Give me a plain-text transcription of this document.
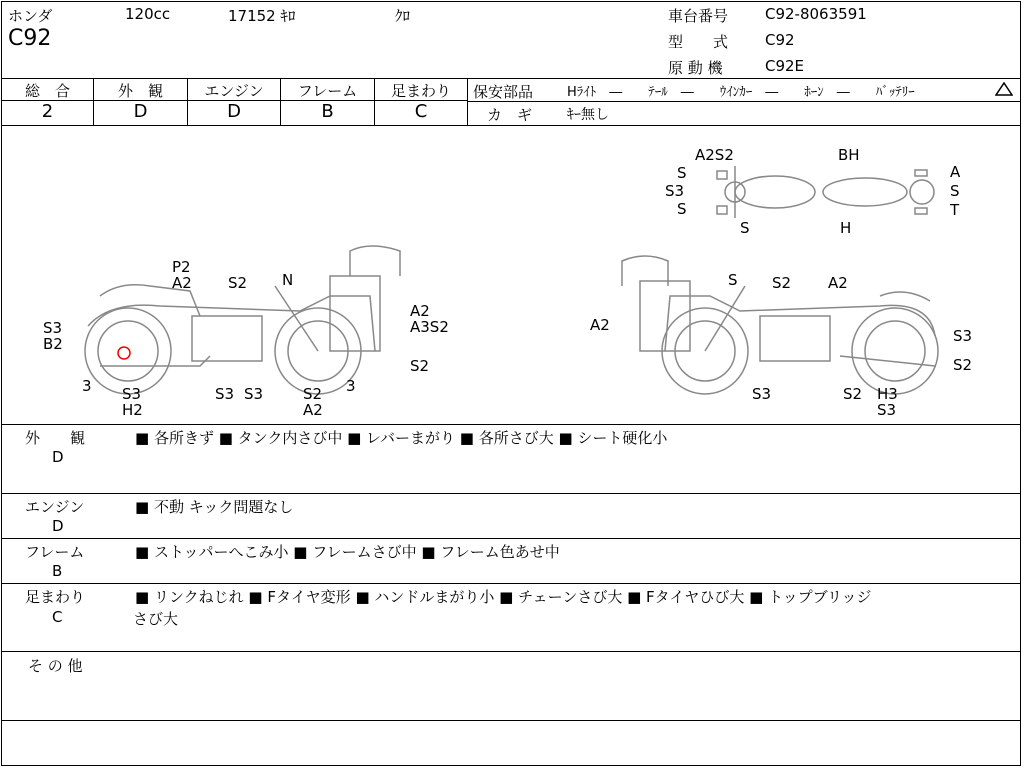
ホンダ	120cc	17152 ｷﾛ	ｸﾛ
C92
車台番号 C92-8063591
型　　式 C92
原 動 機	C92E
総　合
2
外　観
D
エンジン
D
フレーム
B
足まわり
C
保安部品	Hﾗｲﾄ　―　　ﾃｰﾙ　―　　ｳｲﾝｶｰ　―　　ﾎｰﾝ　―　　ﾊﾞｯﾃﾘｰ
カ　ギ ｷｰ無し
A2S2	BH
A
S
T
S
S3
S
S	H
P2
A2 S2 N
S3
B2
3 S3
H2
S3 S3	S2
A2
3
A2
A3S2
S2
S S2 A2
A2
S3
S2
S3	S2 H3
S3
外　　観
D
■ 各所きず ■ タンク内さび中 ■ レバーまがり ■ 各所さび大 ■ シート硬化小
エンジン
D
■ 不動 キック問題なし
フレーム
B
■ ストッパーへこみ小 ■ フレームさび中 ■ フレーム色あせ中
足まわり
C
■ リンクねじれ ■ Fタイヤ変形 ■ ハンドルまがり小 ■ チェーンさび大 ■ Fタイヤひび大 ■ トップブリッジ
さび大
そ の 他
